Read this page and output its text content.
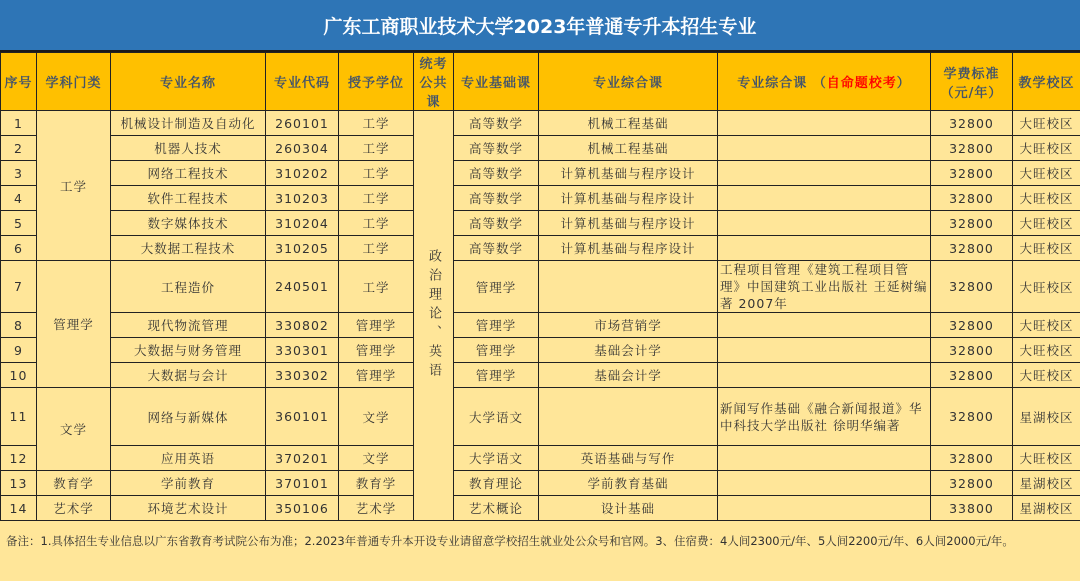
广东工商职业技术大学2023年普通专升本招生专业
序号	学科门类	专业名称	专业代码	授予学位	统考公共课	专业基础课	专业综合课	专业综合课 （自命题校考）	学费标准（元/年）	教学校区
1	工学	机械设计制造及自动化	260101	工学	政治理论、英语	高等数学	机械工程基础		32800	大旺校区
2		机器人技术	260304	工学		高等数学	机械工程基础		32800	大旺校区
3		网络工程技术	310202	工学		高等数学	计算机基础与程序设计		32800	大旺校区
4		软件工程技术	310203	工学		高等数学	计算机基础与程序设计		32800	大旺校区
5		数字媒体技术	310204	工学		高等数学	计算机基础与程序设计		32800	大旺校区
6		大数据工程技术	310205	工学		高等数学	计算机基础与程序设计		32800	大旺校区
7	管理学	工程造价	240501	工学		管理学		工程项目管理《建筑工程项目管理》中国建筑工业出版社 王延树编著 2007年	32800	大旺校区
8		现代物流管理	330802	管理学		管理学	市场营销学		32800	大旺校区
9		大数据与财务管理	330301	管理学		管理学	基础会计学		32800	大旺校区
10		大数据与会计	330302	管理学		管理学	基础会计学		32800	大旺校区
11	文学	网络与新媒体	360101	文学		大学语文		新闻写作基础《融合新闻报道》华中科技大学出版社 徐明华编著	32800	星湖校区
12		应用英语	370201	文学		大学语文	英语基础与写作		32800	大旺校区
13	教育学	学前教育	370101	教育学		教育理论	学前教育基础		32800	星湖校区
14	艺术学	环境艺术设计	350106	艺术学		艺术概论	设计基础		33800	星湖校区
备注：1.具体招生专业信息以广东省教育考试院公布为准；2.2023年普通专升本开设专业请留意学校招生就业处公众号和官网。3、住宿费：4人间2300元/年、5人间2200元/年、6人间2000元/年。
